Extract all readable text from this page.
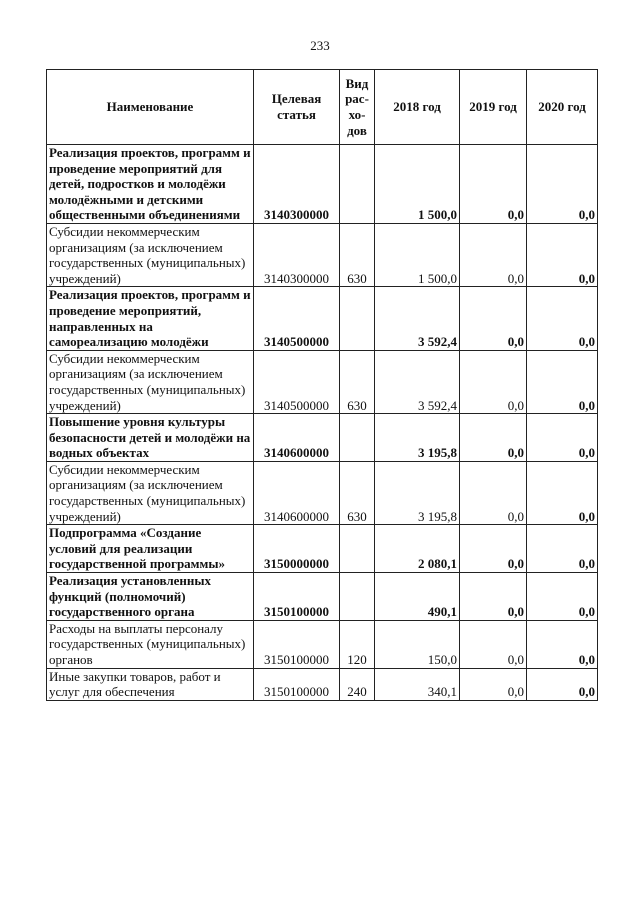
233
Наименование	Целевая статья	Вид рас-хо-дов	2018 год	2019 год	2020 год
Реализация проектов, программ и проведение мероприятий для детей, подростков и молодёжи молодёжными и детскими общественными объединениями	3140300000		1 500,0	0,0	0,0
Субсидии некоммерческим организациям (за исключением государственных (муниципальных) учреждений)	3140300000	630	1 500,0	0,0	0,0
Реализация проектов, программ и проведение мероприятий, направленных на самореализацию молодёжи	3140500000		3 592,4	0,0	0,0
Субсидии некоммерческим организациям (за исключением государственных (муниципальных) учреждений)	3140500000	630	3 592,4	0,0	0,0
Повышение уровня культуры безопасности детей и молодёжи на водных объектах	3140600000		3 195,8	0,0	0,0
Субсидии некоммерческим организациям (за исключением государственных (муниципальных) учреждений)	3140600000	630	3 195,8	0,0	0,0
Подпрограмма «Создание условий для реализации государственной программы»	3150000000		2 080,1	0,0	0,0
Реализация установленных функций (полномочий) государственного органа	3150100000		490,1	0,0	0,0
Расходы на выплаты персоналу государственных (муниципальных) органов	3150100000	120	150,0	0,0	0,0
Иные закупки товаров, работ и услуг для обеспечения	3150100000	240	340,1	0,0	0,0
